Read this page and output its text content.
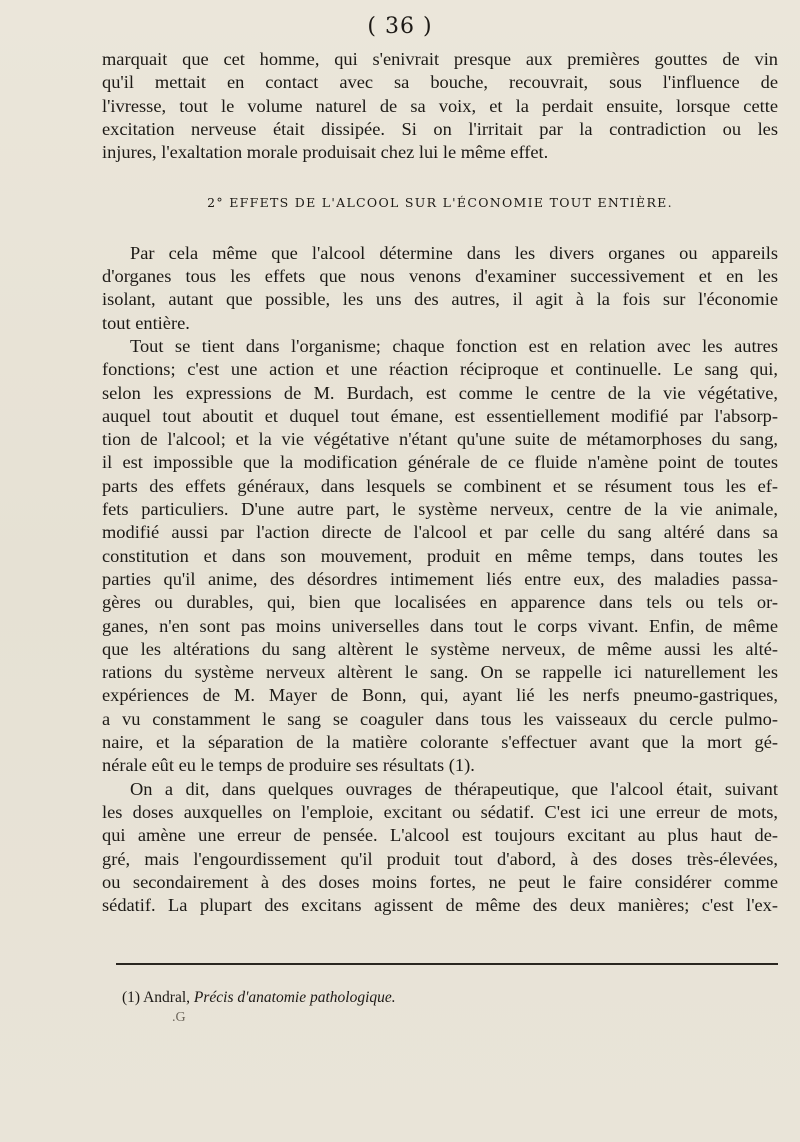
( 36 )
marquait que cet homme, qui s'enivrait presque aux premières gouttes de vin
qu'il mettait en contact avec sa bouche, recouvrait, sous l'influence de
l'ivresse, tout le volume naturel de sa voix, et la perdait ensuite, lorsque cette
excitation nerveuse était dissipée. Si on l'irritait par la contradiction ou les
injures, l'exaltation morale produisait chez lui le même effet.
2° EFFETS DE L'ALCOOL SUR L'ÉCONOMIE TOUT ENTIÈRE.
Par cela même que l'alcool détermine dans les divers organes ou appareils
d'organes tous les effets que nous venons d'examiner successivement et en les
isolant, autant que possible, les uns des autres, il agit à la fois sur l'économie
tout entière.
Tout se tient dans l'organisme; chaque fonction est en relation avec les autres
fonctions; c'est une action et une réaction réciproque et continuelle. Le sang qui,
selon les expressions de M. Burdach, est comme le centre de la vie végétative,
auquel tout aboutit et duquel tout émane, est essentiellement modifié par l'absorp-
tion de l'alcool; et la vie végétative n'étant qu'une suite de métamorphoses du sang,
il est impossible que la modification générale de ce fluide n'amène point de toutes
parts des effets généraux, dans lesquels se combinent et se résument tous les ef-
fets particuliers. D'une autre part, le système nerveux, centre de la vie animale,
modifié aussi par l'action directe de l'alcool et par celle du sang altéré dans sa
constitution et dans son mouvement, produit en même temps, dans toutes les
parties qu'il anime, des désordres intimement liés entre eux, des maladies passa-
gères ou durables, qui, bien que localisées en apparence dans tels ou tels or-
ganes, n'en sont pas moins universelles dans tout le corps vivant. Enfin, de même
que les altérations du sang altèrent le système nerveux, de même aussi les alté-
rations du système nerveux altèrent le sang. On se rappelle ici naturellement les
expériences de M. Mayer de Bonn, qui, ayant lié les nerfs pneumo-gastriques,
a vu constamment le sang se coaguler dans tous les vaisseaux du cercle pulmo-
naire, et la séparation de la matière colorante s'effectuer avant que la mort gé-
nérale eût eu le temps de produire ses résultats (1).
On a dit, dans quelques ouvrages de thérapeutique, que l'alcool était, suivant
les doses auxquelles on l'emploie, excitant ou sédatif. C'est ici une erreur de mots,
qui amène une erreur de pensée. L'alcool est toujours excitant au plus haut de-
gré, mais l'engourdissement qu'il produit tout d'abord, à des doses très-élevées,
ou secondairement à des doses moins fortes, ne peut le faire considérer comme
sédatif. La plupart des excitans agissent de même des deux manières; c'est l'ex-
(1) Andral, Précis d'anatomie pathologique.
.G
